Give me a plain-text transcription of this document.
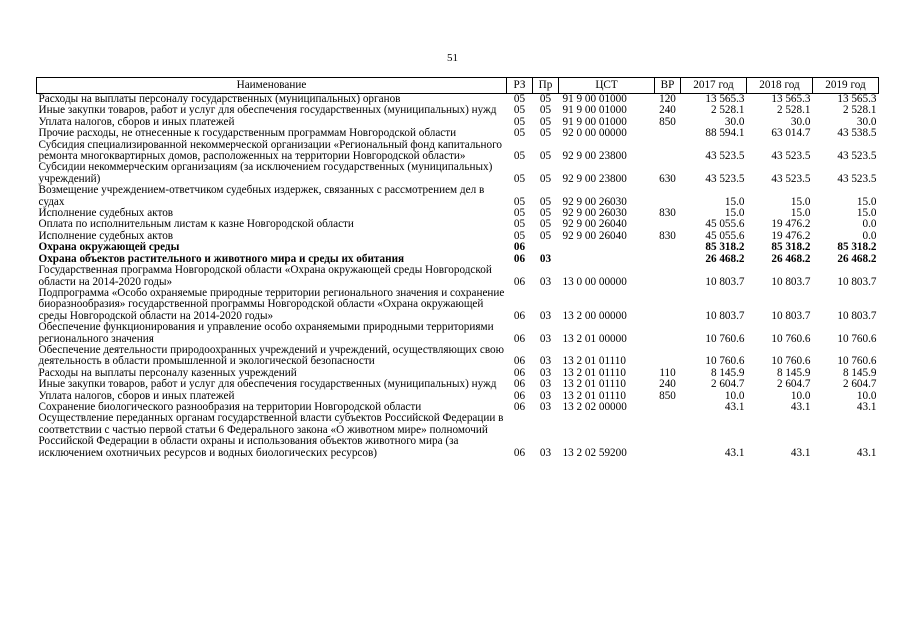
51
Наименование	РЗ	Пр	ЦСТ	ВР	2017 год	2018 год	2019 год
Расходы на выплаты персоналу государственных (муниципальных) органов	05	05	91 9 00 01000	120	13 565.3	13 565.3	13 565.3
Иные закупки товаров, работ и услуг для обеспечения государственных (муниципальных) нужд	05	05	91 9 00 01000	240	2 528.1	2 528.1	2 528.1
Уплата налогов, сборов и иных платежей	05	05	91 9 00 01000	850	30.0	30.0	30.0
Прочие расходы, не отнесенные к государственным программам Новгородской области	05	05	92 0 00 00000		88 594.1	63 014.7	43 538.5
Субсидия специализированной некоммерческой организации «Региональный фонд капитального ремонта многоквартирных домов, расположенных на территории Новгородской области»	05	05	92 9 00 23800		43 523.5	43 523.5	43 523.5
Субсидии некоммерческим организациям (за исключением государственных (муниципальных) учреждений)	05	05	92 9 00 23800	630	43 523.5	43 523.5	43 523.5
Возмещение учреждением-ответчиком судебных издержек, связанных с рассмотрением дел в судах	05	05	92 9 00 26030		15.0	15.0	15.0
Исполнение судебных актов	05	05	92 9 00 26030	830	15.0	15.0	15.0
Оплата по исполнительным листам к казне Новгородской области	05	05	92 9 00 26040		45 055.6	19 476.2	0.0
Исполнение судебных актов	05	05	92 9 00 26040	830	45 055.6	19 476.2	0.0
Охрана окружающей среды	06				85 318.2	85 318.2	85 318.2
Охрана объектов растительного и животного мира и среды их обитания	06	03			26 468.2	26 468.2	26 468.2
Государственная программа Новгородской области «Охрана окружающей среды Новгородской области на 2014-2020 годы»	06	03	13 0 00 00000		10 803.7	10 803.7	10 803.7
Подпрограмма «Особо охраняемые природные территории регионального значения и сохранение биоразнообразия» государственной программы Новгородской области «Охрана окружающей среды Новгородской области на 2014-2020 годы»	06	03	13 2 00 00000		10 803.7	10 803.7	10 803.7
Обеспечение функционирования и управление особо охраняемыми природными территориями регионального значения	06	03	13 2 01 00000		10 760.6	10 760.6	10 760.6
Обеспечение деятельности природоохранных учреждений и учреждений, осуществляющих свою деятельность в области промышленной и экологической безопасности	06	03	13 2 01 01110		10 760.6	10 760.6	10 760.6
Расходы на выплаты персоналу казенных учреждений	06	03	13 2 01 01110	110	8 145.9	8 145.9	8 145.9
Иные закупки товаров, работ и услуг для обеспечения государственных (муниципальных) нужд	06	03	13 2 01 01110	240	2 604.7	2 604.7	2 604.7
Уплата налогов, сборов и иных платежей	06	03	13 2 01 01110	850	10.0	10.0	10.0
Сохранение биологического разнообразия на территории Новгородской области	06	03	13 2 02 00000		43.1	43.1	43.1
Осуществление переданных органам государственной власти субъектов Российской Федерации в соответствии с частью первой статьи 6 Федерального закона «О животном мире» полномочий Российской Федерации в области охраны и использования объектов животного мира (за исключением охотничьих ресурсов и водных биологических ресурсов)	06	03	13 2 02 59200		43.1	43.1	43.1
